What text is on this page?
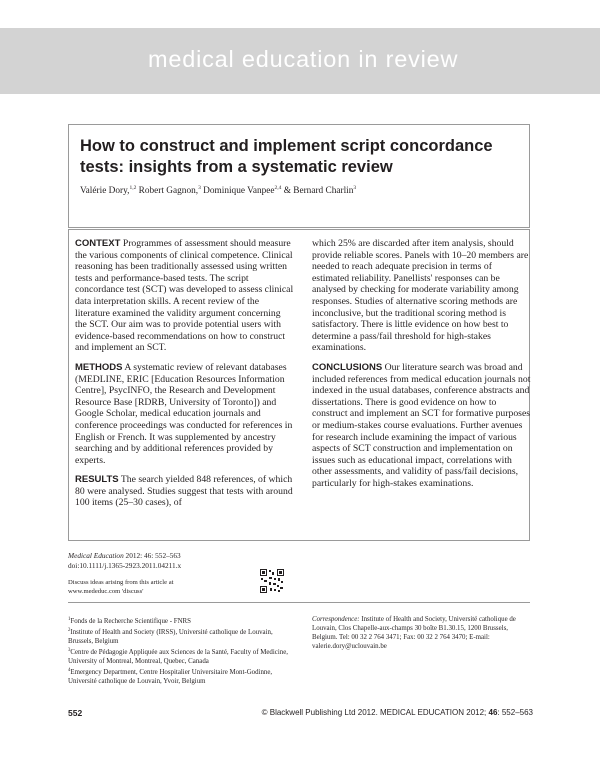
medical education in review
How to construct and implement script concordance tests: insights from a systematic review
Valérie Dory,$^{1,2}$ Robert Gagnon,$^3$ Dominique Vanpee$^{2,4}$ & Bernard Charlin$^3$

CONTEXT Programmes of assessment should measure the various components of clinical competence. Clinical reasoning has been traditionally assessed using written tests and performance-based tests. The script concordance test (SCT) was developed to assess clinical data interpretation skills. A recent review of the literature examined the validity argument concerning the SCT. Our aim was to provide potential users with evidence-based recommendations on how to construct and implement an SCT.

METHODS A systematic review of relevant databases (MEDLINE, ERIC [Education Resources Information Centre], PsycINFO, the Research and Development Resource Base [RDRB, University of Toronto]) and Google Scholar, medical education journals and conference proceedings was conducted for references in English or French. It was supplemented by ancestry searching and by additional references provided by experts.

RESULTS The search yielded 848 references, of which 80 were analysed. Studies suggest that tests with around 100 items (25–30 cases), of

which 25% are discarded after item analysis, should provide reliable scores. Panels with 10–20 members are needed to reach adequate precision in terms of estimated reliability. Panellists' responses can be analysed by checking for moderate variability among responses. Studies of alternative scoring methods are inconclusive, but the traditional scoring method is satisfactory. There is little evidence on how best to determine a pass/fail threshold for high-stakes examinations.

CONCLUSIONS Our literature search was broad and included references from medical education journals not indexed in the usual databases, conference abstracts and dissertations. There is good evidence on how to construct and implement an SCT for formative purposes or medium-stakes course evaluations. Further avenues for research include examining the impact of various aspects of SCT construction and implementation on issues such as educational impact, correlations with other assessments, and validity of pass/fail decisions, particularly for high-stakes examinations.

Medical Education 2012: 46: 552–563
doi:10.1111/j.1365-2923.2011.04211.x
Discuss ideas arising from this article at
www.mededuc.com 'discuss'
$^1$Fonds de la Recherche Scientifique - FNRS
$^2$Institute of Health and Society (IRSS), Université catholique de Louvain, Brussels, Belgium
$^3$Centre de Pédagogie Appliquée aux Sciences de la Santé, Faculty of Medicine, University of Montreal, Montreal, Quebec, Canada
$^4$Emergency Department, Centre Hospitalier Universitaire Mont-Godinne, Université catholique de Louvain, Yvoir, Belgium
Correspondence: Institute of Health and Society, Université catholique de Louvain, Clos Chapelle-aux-champs 30 boîte B1.30.15, 1200 Brussels, Belgium. Tel: 00 32 2 764 3471; Fax: 00 32 2 764 3470; E-mail: valerie.dory@uclouvain.be
552	© Blackwell Publishing Ltd 2012. MEDICAL EDUCATION 2012; 46: 552–563
